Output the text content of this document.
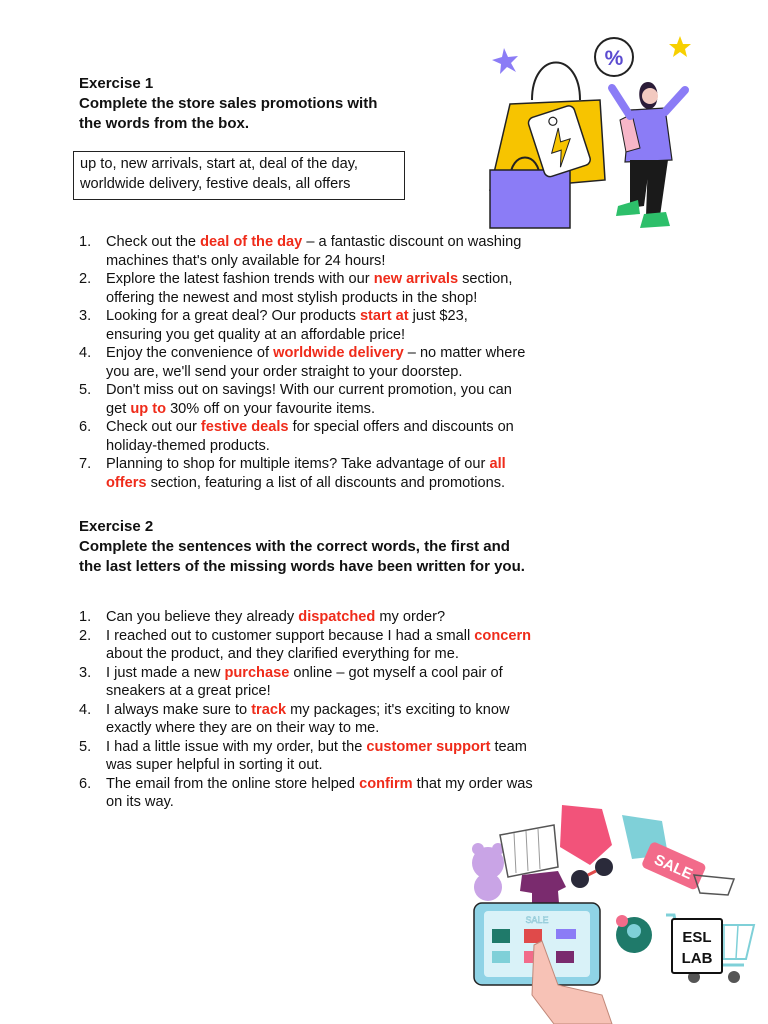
Exercise 1
Complete the store sales promotions with
the words from the box.
up to, new arrivals, start at, deal of the day,
worldwide delivery, festive deals, all offers
1. Check out the deal of the day – a fantastic discount on washing
machines that's only available for 24 hours!
2. Explore the latest fashion trends with our new arrivals section,
offering the newest and most stylish products in the shop!
3. Looking for a great deal? Our products start at just $23,
ensuring you get quality at an affordable price!
4. Enjoy the convenience of worldwide delivery – no matter where
you are, we'll send your order straight to your doorstep.
5. Don't miss out on savings! With our current promotion, you can
get up to 30% off on your favourite items.
6. Check out our festive deals for special offers and discounts on
holiday-themed products.
7. Planning to shop for multiple items? Take advantage of our all
offers section, featuring a list of all discounts and promotions.
Exercise 2
Complete the sentences with the correct words, the first and
the last letters of the missing words have been written for you.
1. Can you believe they already dispatched my order?
2. I reached out to customer support because I had a small concern
about the product, and they clarified everything for me.
3. I just made a new purchase online – got myself a cool pair of
sneakers at a great price!
4. I always make sure to track my packages; it's exciting to know
exactly where they are on their way to me.
5. I had a little issue with my order, but the customer support team
was super helpful in sorting it out.
6. The email from the online store helped confirm that my order was
on its way.
%
SALE
SALE
ESL
LAB
